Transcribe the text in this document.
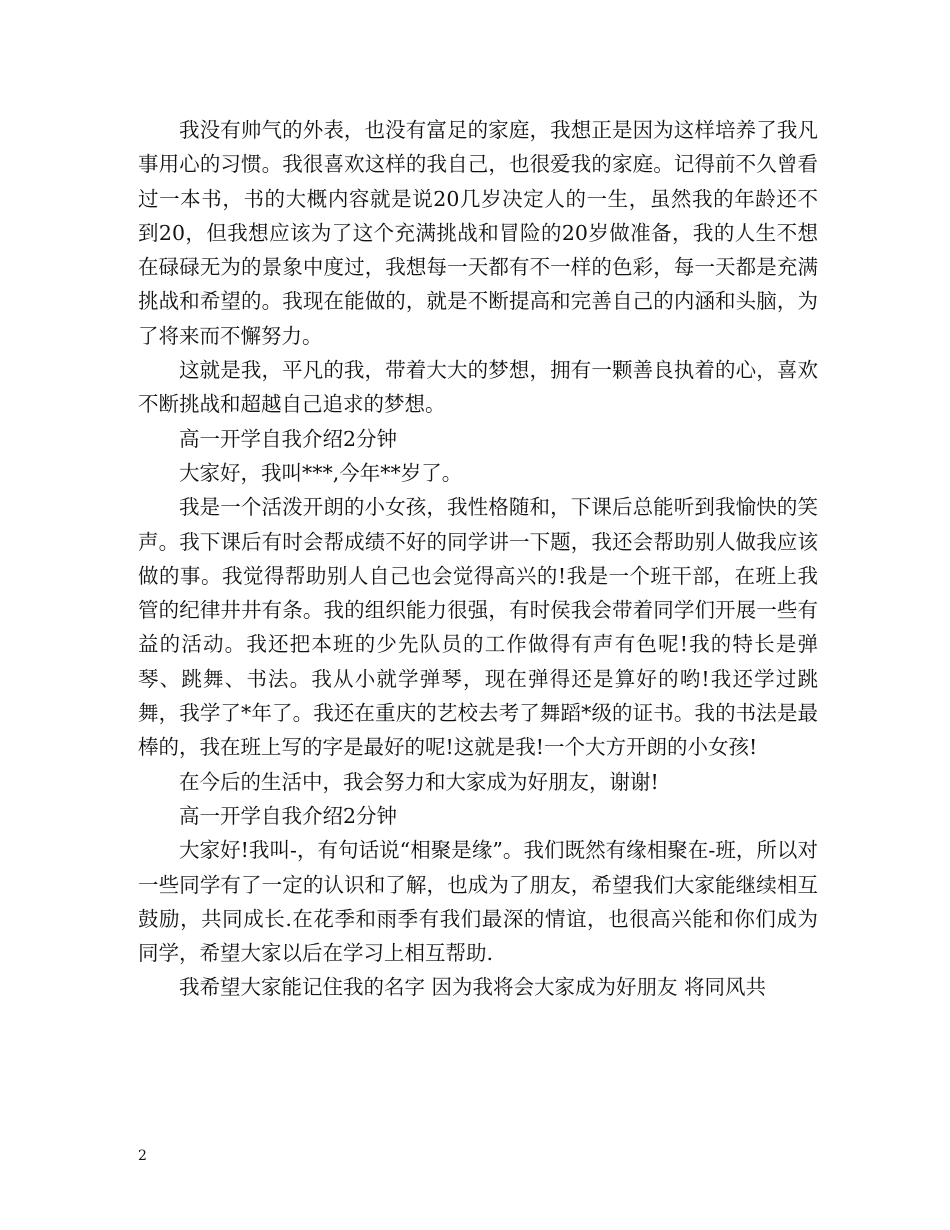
我没有帅气的外表，也没有富足的家庭，我想正是因为这样培养了我凡事用心的习惯。我很喜欢这样的我自己，也很爱我的家庭。记得前不久曾看过一本书，书的大概内容就是说20几岁决定人的一生，虽然我的年龄还不到20，但我想应该为了这个充满挑战和冒险的20岁做准备，我的人生不想在碌碌无为的景象中度过，我想每一天都有不一样的色彩，每一天都是充满挑战和希望的。我现在能做的，就是不断提高和完善自己的内涵和头脑，为了将来而不懈努力。

这就是我，平凡的我，带着大大的梦想，拥有一颗善良执着的心，喜欢不断挑战和超越自己追求的梦想。

高一开学自我介绍2分钟

大家好，我叫***,今年**岁了。

我是一个活泼开朗的小女孩，我性格随和，下课后总能听到我愉快的笑声。我下课后有时会帮成绩不好的同学讲一下题，我还会帮助别人做我应该做的事。我觉得帮助别人自己也会觉得高兴的!我是一个班干部，在班上我管的纪律井井有条。我的组织能力很强，有时侯我会带着同学们开展一些有益的活动。我还把本班的少先队员的工作做得有声有色呢!我的特长是弹琴、跳舞、书法。我从小就学弹琴，现在弹得还是算好的哟!我还学过跳舞，我学了*年了。我还在重庆的艺校去考了舞蹈*级的证书。我的书法是最棒的，我在班上写的字是最好的呢!这就是我!一个大方开朗的小女孩!

在今后的生活中，我会努力和大家成为好朋友，谢谢!

高一开学自我介绍2分钟

大家好!我叫-，有句话说“相聚是缘”。我们既然有缘相聚在-班，所以对一些同学有了一定的认识和了解，也成为了朋友，希望我们大家能继续相互鼓励，共同成长.在花季和雨季有我们最深的情谊，也很高兴能和你们成为同学，希望大家以后在学习上相互帮助.

我希望大家能记住我的名字 因为我将会大家成为好朋友 将同风共

2
